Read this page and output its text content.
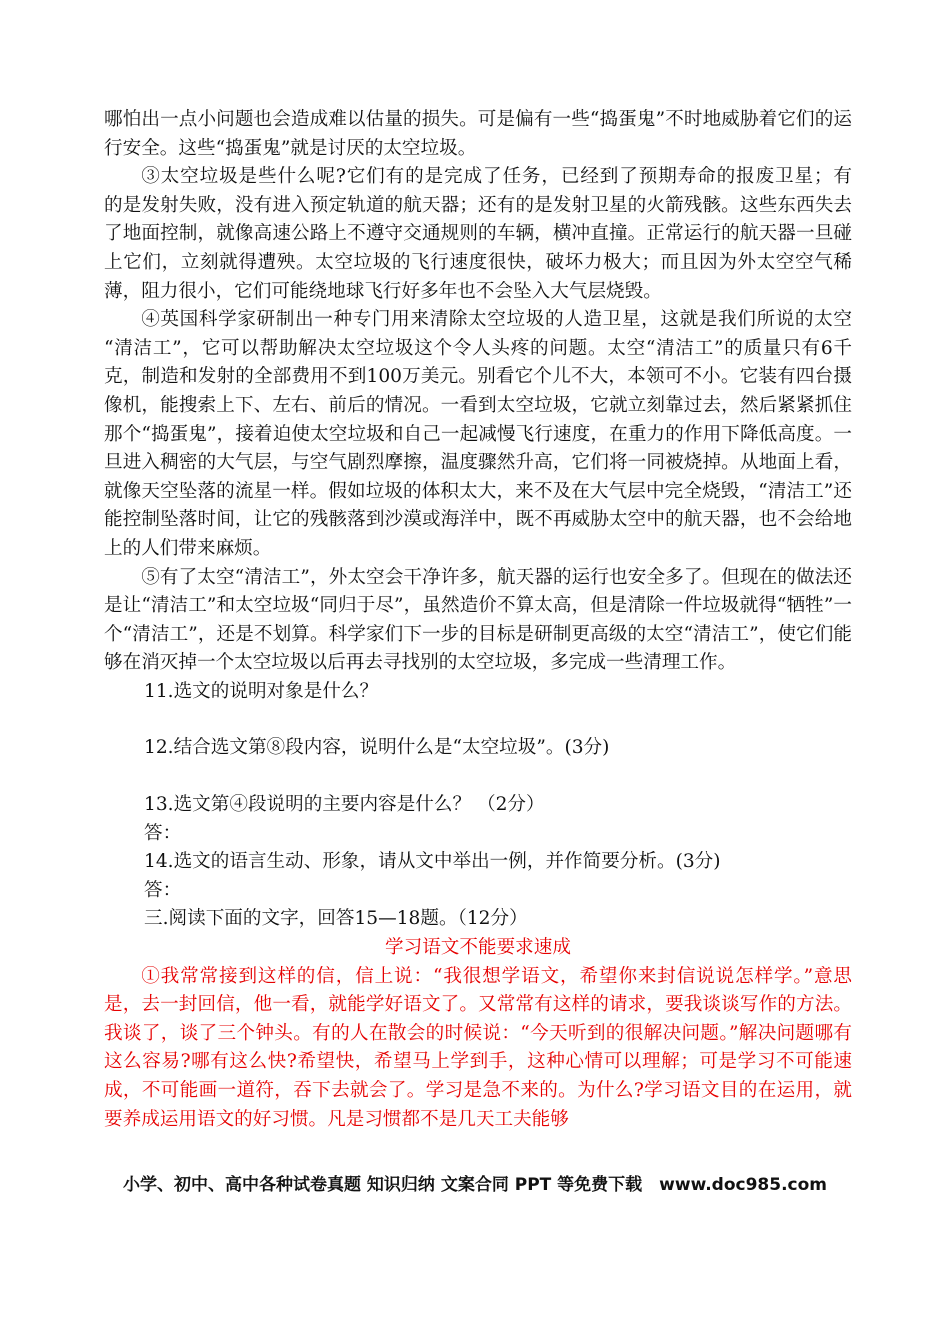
哪怕出一点小问题也会造成难以估量的损失。可是偏有一些“捣蛋鬼”不时地威胁着它们的运行安全。这些“捣蛋鬼”就是讨厌的太空垃圾。

③太空垃圾是些什么呢?它们有的是完成了任务，已经到了预期寿命的报废卫星；有　　的是发射失败，没有进入预定轨道的航天器；还有的是发射卫星的火箭残骸。这些东西失去了地面控制，就像高速公路上不遵守交通规则的车辆，横冲直撞。正常运行的航天器一旦碰上它们，立刻就得遭殃。太空垃圾的飞行速度很快，破坏力极大；而且因为外太空空气稀薄，阻力很小，它们可能绕地球飞行好多年也不会坠入大气层烧毁。

④英国科学家研制出一种专门用来清除太空垃圾的人造卫星，这就是我们所说的太空 “清洁工”，它可以帮助解决太空垃圾这个令人头疼的问题。太空“清洁工”的质量只有6千克，制造和发射的全部费用不到100万美元。别看它个儿不大，本领可不小。它装有四台摄像机，能搜索上下、左右、前后的情况。一看到太空垃圾，它就立刻靠过去，然后紧紧抓住那个“捣蛋鬼”，接着迫使太空垃圾和自己一起减慢飞行速度，在重力的作用下降低高度。一旦进入稠密的大气层，与空气剧烈摩擦，温度骤然升高，它们将一同被烧掉。从地面上看，就像天空坠落的流星一样。假如垃圾的体积太大，来不及在大气层中完全烧毁，“清洁工”还能控制坠落时间，让它的残骸落到沙漠或海洋中，既不再威胁太空中的航天器，也不会给地上的人们带来麻烦。

⑤有了太空“清洁工”，外太空会干净许多，航天器的运行也安全多了。但现在的做法还是让“清洁工”和太空垃圾“同归于尽”，虽然造价不算太高，但是清除一件垃圾就得“牺牲”一个“清洁工”，还是不划算。科学家们下一步的目标是研制更高级的太空“清洁工”，使它们能够在消灭掉一个太空垃圾以后再去寻找别的太空垃圾，多完成一些清理工作。

11.选文的说明对象是什么？

12.结合选文第⑧段内容，说明什么是“太空垃圾”。(3分)

13.选文第④段说明的主要内容是什么？ （2分）

答：

14.选文的语言生动、形象，请从文中举出一例，并作简要分析。(3分)

答：

三.阅读下面的文字，回答15—18题。（12分）

学习语文不能要求速成

①我常常接到这样的信，信上说：“我很想学语文，希望你来封信说说怎样学。”意思是，去一封回信，他一看，就能学好语文了。又常常有这样的请求，要我谈谈写作的方法。我谈了，谈了三个钟头。有的人在散会的时候说：“今天听到的很解决问题。”解决问题哪有这么容易?哪有这么快?希望快，希望马上学到手，这种心情可以理解；可是学习不可能速成，不可能画一道符，吞下去就会了。学习是急不来的。为什么?学习语文目的在运用，就要养成运用语文的好习惯。凡是习惯都不是几天工夫能够

小学、初中、高中各种试卷真题 知识归纳 文案合同 PPT 等免费下载　www.doc985.com
